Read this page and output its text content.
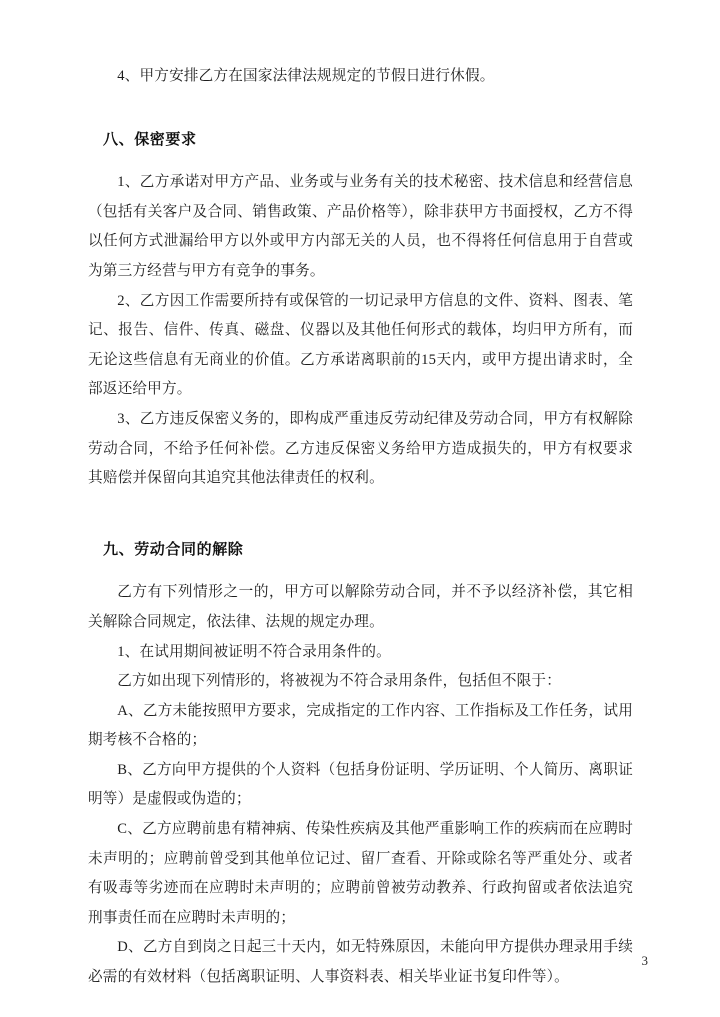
4、甲方安排乙方在国家法律法规规定的节假日进行休假。

八、保密要求

1、乙方承诺对甲方产品、业务或与业务有关的技术秘密、技术信息和经营信息（包括有关客户及合同、销售政策、产品价格等），除非获甲方书面授权，乙方不得以任何方式泄漏给甲方以外或甲方内部无关的人员，也不得将任何信息用于自营或为第三方经营与甲方有竞争的事务。

2、乙方因工作需要所持有或保管的一切记录甲方信息的文件、资料、图表、笔记、报告、信件、传真、磁盘、仪器以及其他任何形式的载体，均归甲方所有，而无论这些信息有无商业的价值。乙方承诺离职前的15天内，或甲方提出请求时，全部返还给甲方。

3、乙方违反保密义务的，即构成严重违反劳动纪律及劳动合同，甲方有权解除劳动合同，不给予任何补偿。乙方违反保密义务给甲方造成损失的，甲方有权要求其赔偿并保留向其追究其他法律责任的权利。

九、劳动合同的解除

乙方有下列情形之一的，甲方可以解除劳动合同，并不予以经济补偿，其它相关解除合同规定，依法律、法规的规定办理。

1、在试用期间被证明不符合录用条件的。

乙方如出现下列情形的，将被视为不符合录用条件，包括但不限于：

A、乙方未能按照甲方要求，完成指定的工作内容、工作指标及工作任务，试用期考核不合格的；

B、乙方向甲方提供的个人资料（包括身份证明、学历证明、个人简历、离职证明等）是虚假或伪造的；

C、乙方应聘前患有精神病、传染性疾病及其他严重影响工作的疾病而在应聘时未声明的；应聘前曾受到其他单位记过、留厂查看、开除或除名等严重处分、或者有吸毒等劣迹而在应聘时未声明的；应聘前曾被劳动教养、行政拘留或者依法追究刑事责任而在应聘时未声明的；

D、乙方自到岗之日起三十天内，如无特殊原因，未能向甲方提供办理录用手续必需的有效材料（包括离职证明、人事资料表、相关毕业证书复印件等）。

3
